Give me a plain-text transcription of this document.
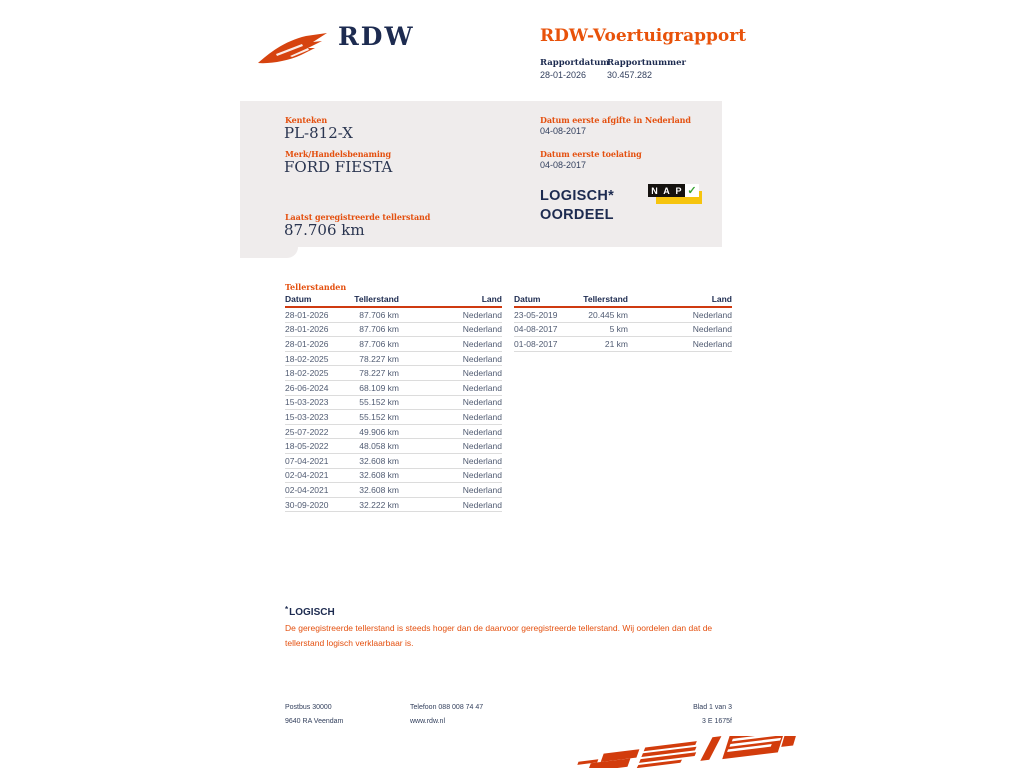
RDW	RDW-Voertuigrapport
Rapportdatum
28-01-2026
Rapportnummer
30.457.282
Kenteken
PL-812-X
Merk/Handelsbenaming
FORD FIESTA
Laatst geregistreerde tellerstand
87.706 km
Datum eerste afgifte in Nederland
04-08-2017
Datum eerste toelating
04-08-2017
LOGISCH*
OORDEEL
N A P ✓
Tellerstanden
Datum	Tellerstand	Land
28-01-2026	87.706 km	Nederland
28-01-2026	87.706 km	Nederland
28-01-2026	87.706 km	Nederland
18-02-2025	78.227 km	Nederland
18-02-2025	78.227 km	Nederland
26-06-2024	68.109 km	Nederland
15-03-2023	55.152 km	Nederland
15-03-2023	55.152 km	Nederland
25-07-2022	49.906 km	Nederland
18-05-2022	48.058 km	Nederland
07-04-2021	32.608 km	Nederland
02-04-2021	32.608 km	Nederland
02-04-2021	32.608 km	Nederland
30-09-2020	32.222 km	Nederland
Datum	Tellerstand	Land
23-05-2019	20.445 km	Nederland
04-08-2017	5 km	Nederland
01-08-2017	21 km	Nederland
*LOGISCH
De geregistreerde tellerstand is steeds hoger dan de daarvoor geregistreerde tellerstand. Wij oordelen dan dat de tellerstand logisch verklaarbaar is.
Postbus 30000
9640 RA Veendam
Telefoon 088 008 74 47
www.rdw.nl
Blad 1 van 3
3 E 1675f
